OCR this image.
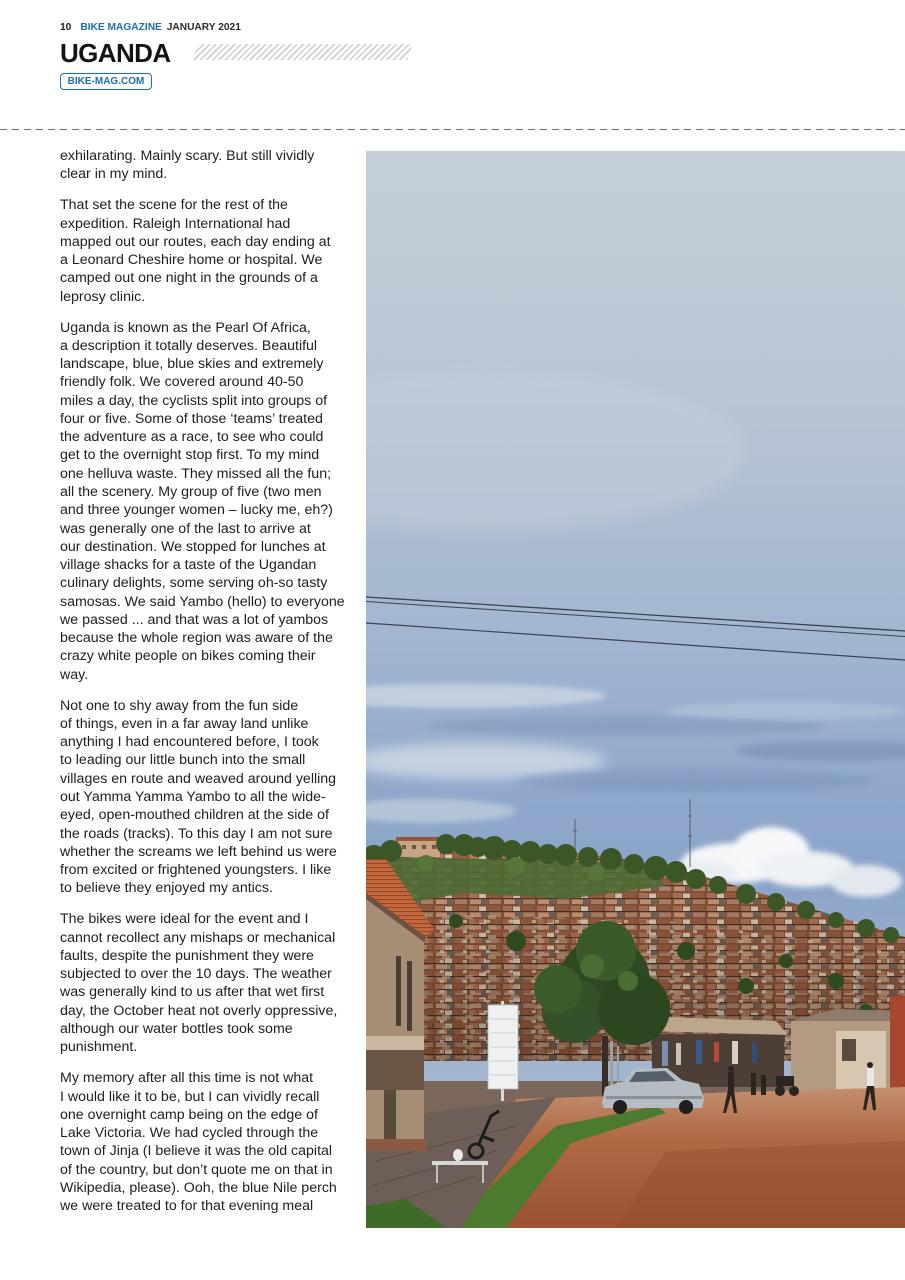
10 BIKE MAGAZINE JANUARY 2021
UGANDA
BIKE-MAG.COM

exhilarating. Mainly scary. But still vividly
clear in my mind.

That set the scene for the rest of the
expedition. Raleigh International had
mapped out our routes, each day ending at
a Leonard Cheshire home or hospital. We
camped out one night in the grounds of a
leprosy clinic.

Uganda is known as the Pearl Of Africa,
a description it totally deserves. Beautiful
landscape, blue, blue skies and extremely
friendly folk. We covered around 40-50
miles a day, the cyclists split into groups of
four or five. Some of those ‘teams’ treated
the adventure as a race, to see who could
get to the overnight stop first. To my mind
one helluva waste. They missed all the fun;
all the scenery. My group of five (two men
and three younger women – lucky me, eh?)
was generally one of the last to arrive at
our destination. We stopped for lunches at
village shacks for a taste of the Ugandan
culinary delights, some serving oh-so tasty
samosas. We said Yambo (hello) to everyone
we passed ... and that was a lot of yambos
because the whole region was aware of the
crazy white people on bikes coming their
way.

Not one to shy away from the fun side
of things, even in a far away land unlike
anything I had encountered before, I took
to leading our little bunch into the small
villages en route and weaved around yelling
out Yamma Yamma Yambo to all the wide-
eyed, open-mouthed children at the side of
the roads (tracks). To this day I am not sure
whether the screams we left behind us were
from excited or frightened youngsters. I like
to believe they enjoyed my antics.

The bikes were ideal for the event and I
cannot recollect any mishaps or mechanical
faults, despite the punishment they were
subjected to over the 10 days. The weather
was generally kind to us after that wet first
day, the October heat not overly oppressive,
although our water bottles took some
punishment.

My memory after all this time is not what
I would like it to be, but I can vividly recall
one overnight camp being on the edge of
Lake Victoria. We had cycled through the
town of Jinja (I believe it was the old capital
of the country, but don’t quote me on that in
Wikipedia, please). Ooh, the blue Nile perch
we were treated to for that evening meal
